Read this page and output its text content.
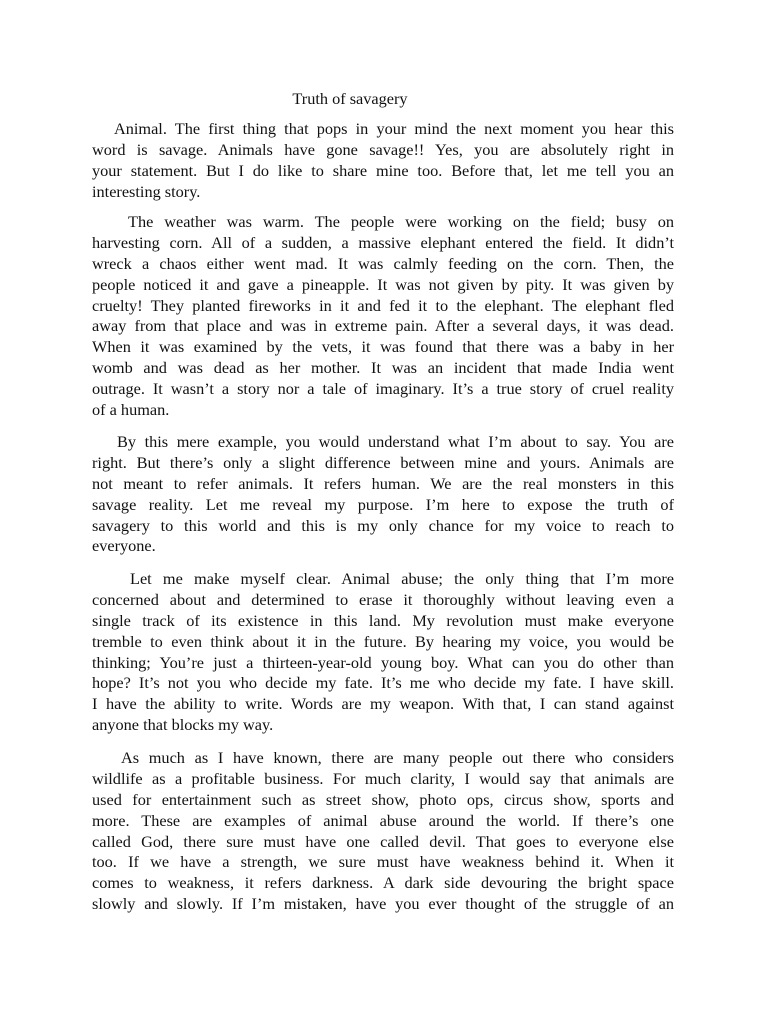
Truth of savagery
Animal. The first thing that pops in your mind the next moment you hear this
word is savage. Animals have gone savage!! Yes, you are absolutely right in
your statement. But I do like to share mine too. Before that, let me tell you an
interesting story.
The weather was warm. The people were working on the field; busy on
harvesting corn. All of a sudden, a massive elephant entered the field. It didn’t
wreck a chaos either went mad. It was calmly feeding on the corn. Then, the
people noticed it and gave a pineapple. It was not given by pity. It was given by
cruelty! They planted fireworks in it and fed it to the elephant. The elephant fled
away from that place and was in extreme pain. After a several days, it was dead.
When it was examined by the vets, it was found that there was a baby in her
womb and was dead as her mother. It was an incident that made India went
outrage. It wasn’t a story nor a tale of imaginary. It’s a true story of cruel reality
of a human.
By this mere example, you would understand what I’m about to say. You are
right. But there’s only a slight difference between mine and yours. Animals are
not meant to refer animals. It refers human. We are the real monsters in this
savage reality. Let me reveal my purpose. I’m here to expose the truth of
savagery to this world and this is my only chance for my voice to reach to
everyone.
Let me make myself clear. Animal abuse; the only thing that I’m more
concerned about and determined to erase it thoroughly without leaving even a
single track of its existence in this land. My revolution must make everyone
tremble to even think about it in the future. By hearing my voice, you would be
thinking; You’re just a thirteen-year-old young boy. What can you do other than
hope? It’s not you who decide my fate. It’s me who decide my fate. I have skill.
I have the ability to write. Words are my weapon. With that, I can stand against
anyone that blocks my way.
As much as I have known, there are many people out there who considers
wildlife as a profitable business. For much clarity, I would say that animals are
used for entertainment such as street show, photo ops, circus show, sports and
more. These are examples of animal abuse around the world. If there’s one
called God, there sure must have one called devil. That goes to everyone else
too. If we have a strength, we sure must have weakness behind it. When it
comes to weakness, it refers darkness. A dark side devouring the bright space
slowly and slowly. If I’m mistaken, have you ever thought of the struggle of an
